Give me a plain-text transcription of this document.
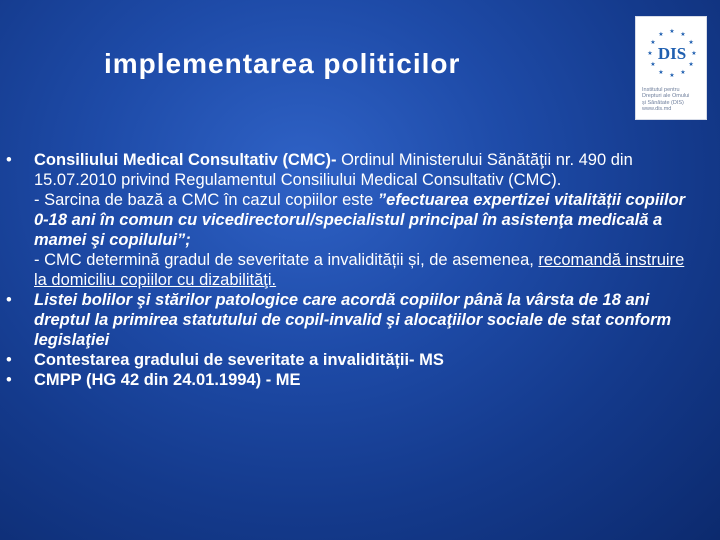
implementarea politicilor	★
★
★
★
★
★
★
★
★ ★ ★
★
DIS
Institutul pentru
Drepturi ale Omului
și Sănătate (DIS)
www.dis.md
• Consiliului Medical Consultativ (CMC)- Ordinul Ministerului Sănătăţii nr. 490 din 15.07.2010 privind Regulamentul Consiliului Medical Consultativ (CMC).
- Sarcina de bază a CMC în cazul copiilor este ”efectuarea expertizei vitalității copiilor 0-18 ani în comun cu vicedirectorul/specialistul principal în asistenţa medicală a mamei şi copilului”;
- CMC determină gradul de severitate a invalidității și, de asemenea, recomandă instruire la domiciliu copiilor cu dizabilităţi.
• Listei bolilor şi stărilor patologice care acordă copiilor până la vârsta de 18 ani dreptul la primirea statutului de copil-invalid şi alocaţiilor sociale de stat conform legislaţiei
• Contestarea gradului de severitate a invalidității- MS
• CMPP (HG 42 din 24.01.1994) - ME
